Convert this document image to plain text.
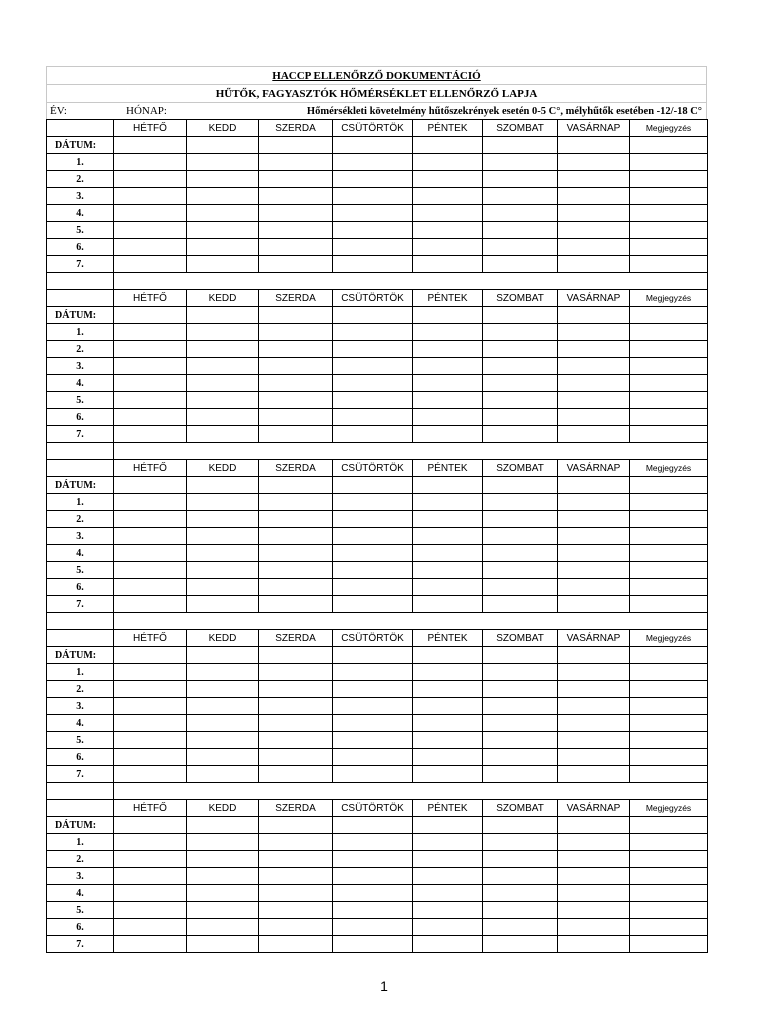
HACCP ELLENŐRZŐ DOKUMENTÁCIÓ
HŰTŐK, FAGYASZTÓK HŐMÉRSÉKLET ELLENŐRZŐ LAPJA
ÉV:	HÓNAP:	Hőmérsékleti követelmény hűtőszekrények esetén 0-5 C°, mélyhűtők esetében -12/-18 C°
	HÉTFŐ	KEDD	SZERDA	CSÜTÖRTÖK	PÉNTEK	SZOMBAT	VASÁRNAP	Megjegyzés
DÁTUM:								
1.								
2.								
3.								
4.								
5.								
6.								
7.								

	HÉTFŐ	KEDD	SZERDA	CSÜTÖRTÖK	PÉNTEK	SZOMBAT	VASÁRNAP	Megjegyzés
DÁTUM:								
1.								
2.								
3.								
4.								
5.								
6.								
7.								

	HÉTFŐ	KEDD	SZERDA	CSÜTÖRTÖK	PÉNTEK	SZOMBAT	VASÁRNAP	Megjegyzés
DÁTUM:								
1.								
2.								
3.								
4.								
5.								
6.								
7.								

	HÉTFŐ	KEDD	SZERDA	CSÜTÖRTÖK	PÉNTEK	SZOMBAT	VASÁRNAP	Megjegyzés
DÁTUM:								
1.								
2.								
3.								
4.								
5.								
6.								
7.								

	HÉTFŐ	KEDD	SZERDA	CSÜTÖRTÖK	PÉNTEK	SZOMBAT	VASÁRNAP	Megjegyzés
DÁTUM:								
1.								
2.								
3.								
4.								
5.								
6.								
7.								
1
